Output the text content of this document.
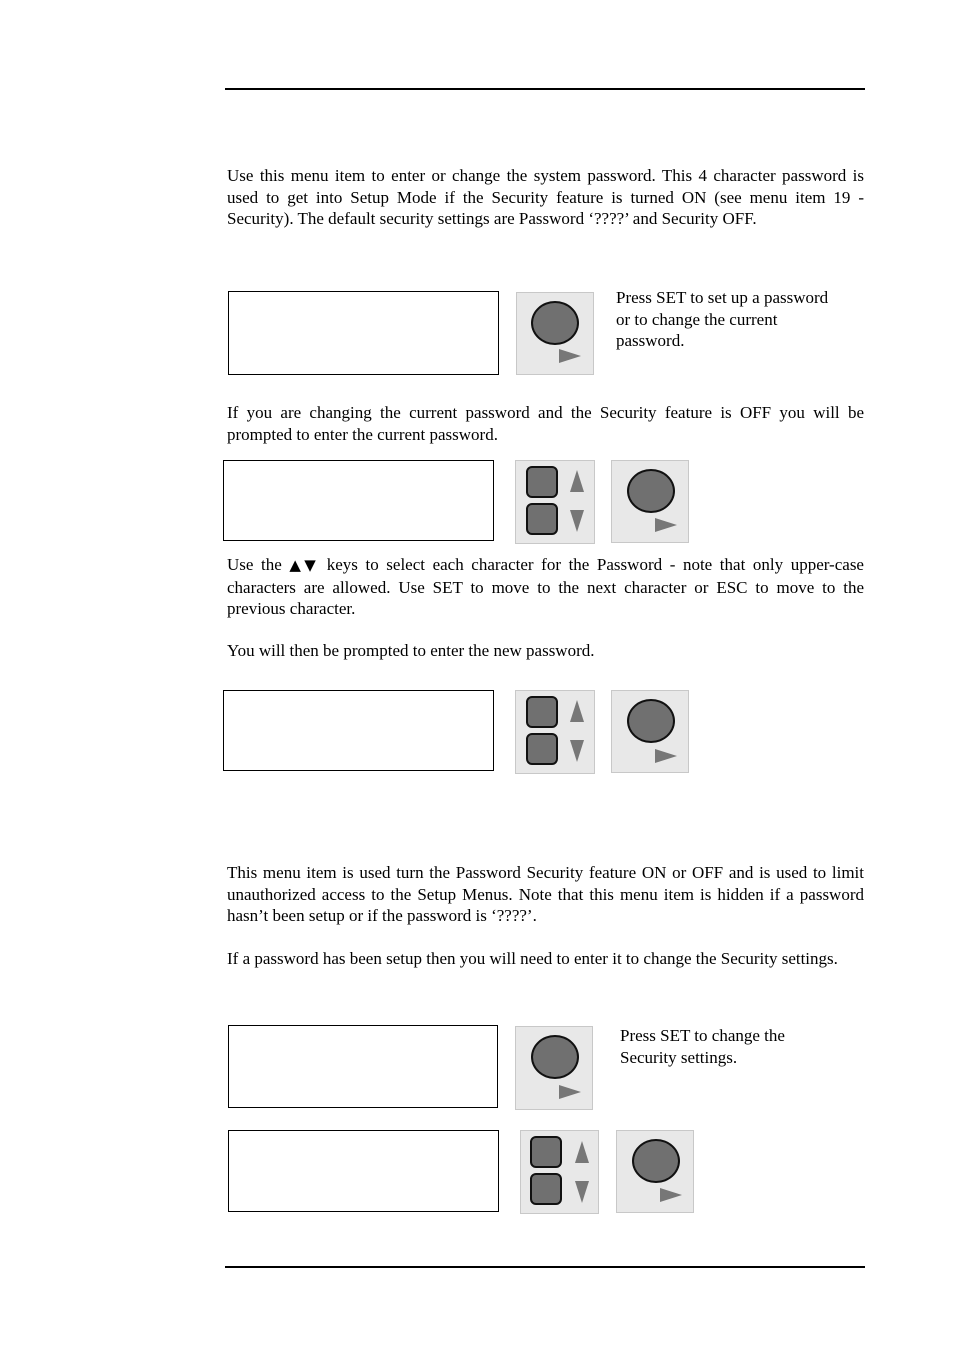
Use this menu item to enter or change the system password. This 4 character password is used to get into Setup Mode if the Security feature is turned ON (see menu item 19 - Security). The default security settings are Password ‘????’ and Security OFF.

Press SET to set up a password or to change the current password.

If you are changing the current password and the Security feature is OFF you will be prompted to enter the current password.

Use the ▲▼ keys to select each character for the Password - note that only upper-case characters are allowed. Use SET to move to the next character or ESC to move to the previous character.

You will then be prompted to enter the new password.

This menu item is used turn the Password Security feature ON or OFF and is used to limit unauthorized access to the Setup Menus. Note that this menu item is hidden if a password hasn’t been setup or if the password is ‘????’.

If a password has been setup then you will need to enter it to change the Security settings.

Press SET to change the Security settings.
